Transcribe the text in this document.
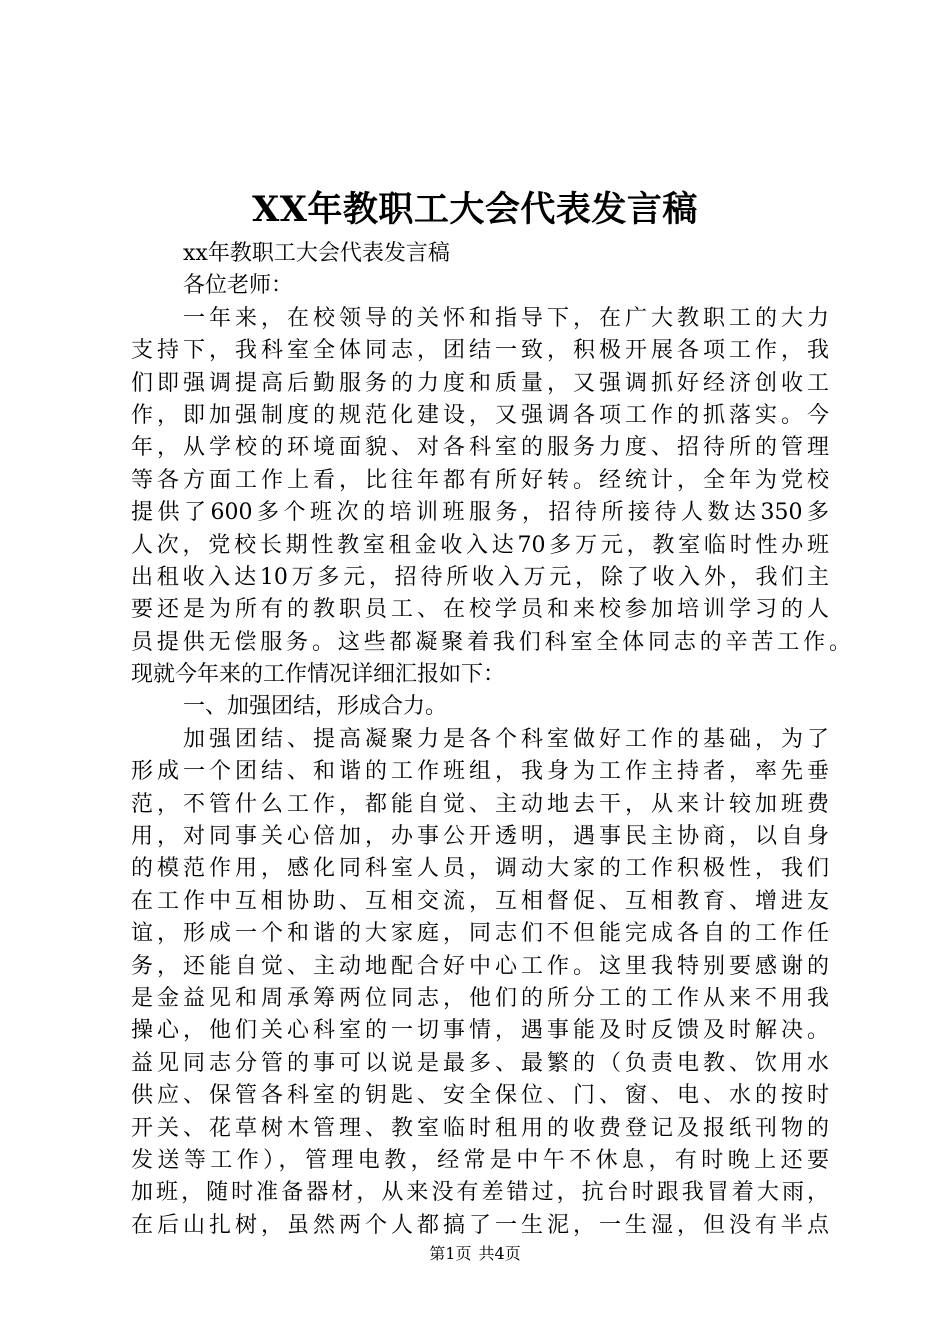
XX年教职工大会代表发言稿
xx年教职工大会代表发言稿
各位老师：
一年来，在校领导的关怀和指导下，在广大教职工的大力
支持下，我科室全体同志，团结一致，积极开展各项工作，我
们即强调提高后勤服务的力度和质量，又强调抓好经济创收工
作，即加强制度的规范化建设，又强调各项工作的抓落实。今
年，从学校的环境面貌、对各科室的服务力度、招待所的管理
等各方面工作上看，比往年都有所好转。经统计，全年为党校
提供了600多个班次的培训班服务，招待所接待人数达350多
人次，党校长期性教室租金收入达70多万元，教室临时性办班
出租收入达10万多元，招待所收入万元，除了收入外，我们主
要还是为所有的教职员工、在校学员和来校参加培训学习的人
员提供无偿服务。这些都凝聚着我们科室全体同志的辛苦工作。
现就今年来的工作情况详细汇报如下：
一、加强团结，形成合力。
加强团结、提高凝聚力是各个科室做好工作的基础，为了
形成一个团结、和谐的工作班组，我身为工作主持者，率先垂
范，不管什么工作，都能自觉、主动地去干，从来计较加班费
用，对同事关心倍加，办事公开透明，遇事民主协商，以自身
的模范作用，感化同科室人员，调动大家的工作积极性，我们
在工作中互相协助、互相交流，互相督促、互相教育、增进友
谊，形成一个和谐的大家庭，同志们不但能完成各自的工作任
务，还能自觉、主动地配合好中心工作。这里我特别要感谢的
是金益见和周承筹两位同志，他们的所分工的工作从来不用我
操心，他们关心科室的一切事情，遇事能及时反馈及时解决。
益见同志分管的事可以说是最多、最繁的（负责电教、饮用水
供应、保管各科室的钥匙、安全保位、门、窗、电、水的按时
开关、花草树木管理、教室临时租用的收费登记及报纸刊物的
发送等工作），管理电教，经常是中午不休息，有时晚上还要
加班，随时准备器材，从来没有差错过，抗台时跟我冒着大雨，
在后山扎树，虽然两个人都搞了一生泥，一生湿，但没有半点
第1页 共4页
